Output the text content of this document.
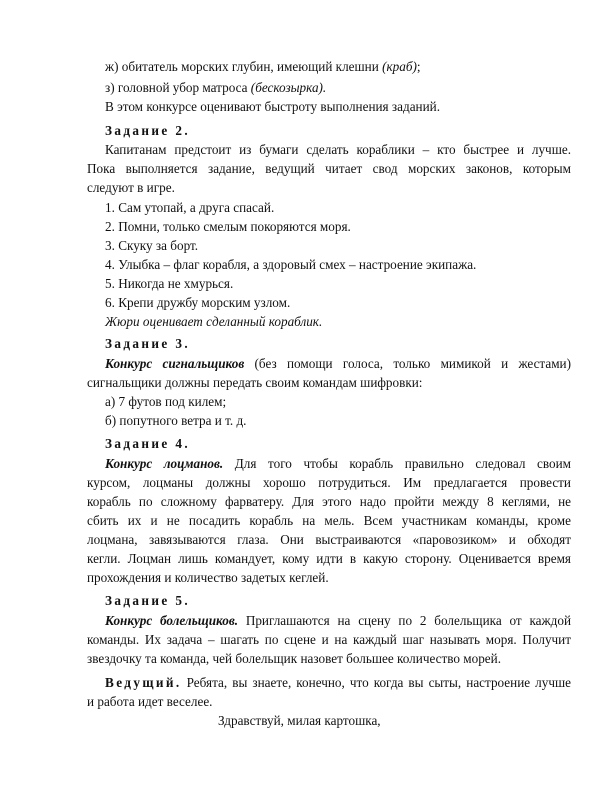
ж) обитатель морских глубин, имеющий клешни (краб);
з) головной убор матроса (бескозырка).
В этом конкурсе оценивают быстроту выполнения заданий.
Задание 2.
Капитанам предстоит из бумаги сделать кораблики – кто быстрее и лучше.
Пока выполняется задание, ведущий читает свод морских законов, которым
следуют в игре.
1. Сам утопай, а друга спасай.
2. Помни, только смелым покоряются моря.
3. Скуку за борт.
4. Улыбка – флаг корабля, а здоровый смех – настроение экипажа.
5. Никогда не хмурься.
6. Крепи дружбу морским узлом.
Жюри оценивает сделанный кораблик.
Задание 3.
Конкурс сигнальщиков (без помощи голоса, только мимикой и жестами)
сигнальщики должны передать своим командам шифровки:
а) 7 футов под килем;
б) попутного ветра и т. д.
Задание 4.
Конкурс лоцманов. Для того чтобы корабль правильно следовал своим
курсом, лоцманы должны хорошо потрудиться. Им предлагается провести
корабль по сложному фарватеру. Для этого надо пройти между 8 кеглями, не
сбить их и не посадить корабль на мель. Всем участникам команды, кроме
лоцмана, завязываются глаза. Они выстраиваются «паровозиком» и обходят
кегли. Лоцман лишь командует, кому идти в какую сторону. Оценивается время
прохождения и количество задетых кеглей.
Задание 5.
Конкурс болельщиков. Приглашаются на сцену по 2 болельщика от каждой
команды. Их задача – шагать по сцене и на каждый шаг называть моря. Получит
звездочку та команда, чей болельщик назовет большее количество морей.
Ведущий. Ребята, вы знаете, конечно, что когда вы сыты, настроение лучше
и работа идет веселее.
Здравствуй, милая картошка,
